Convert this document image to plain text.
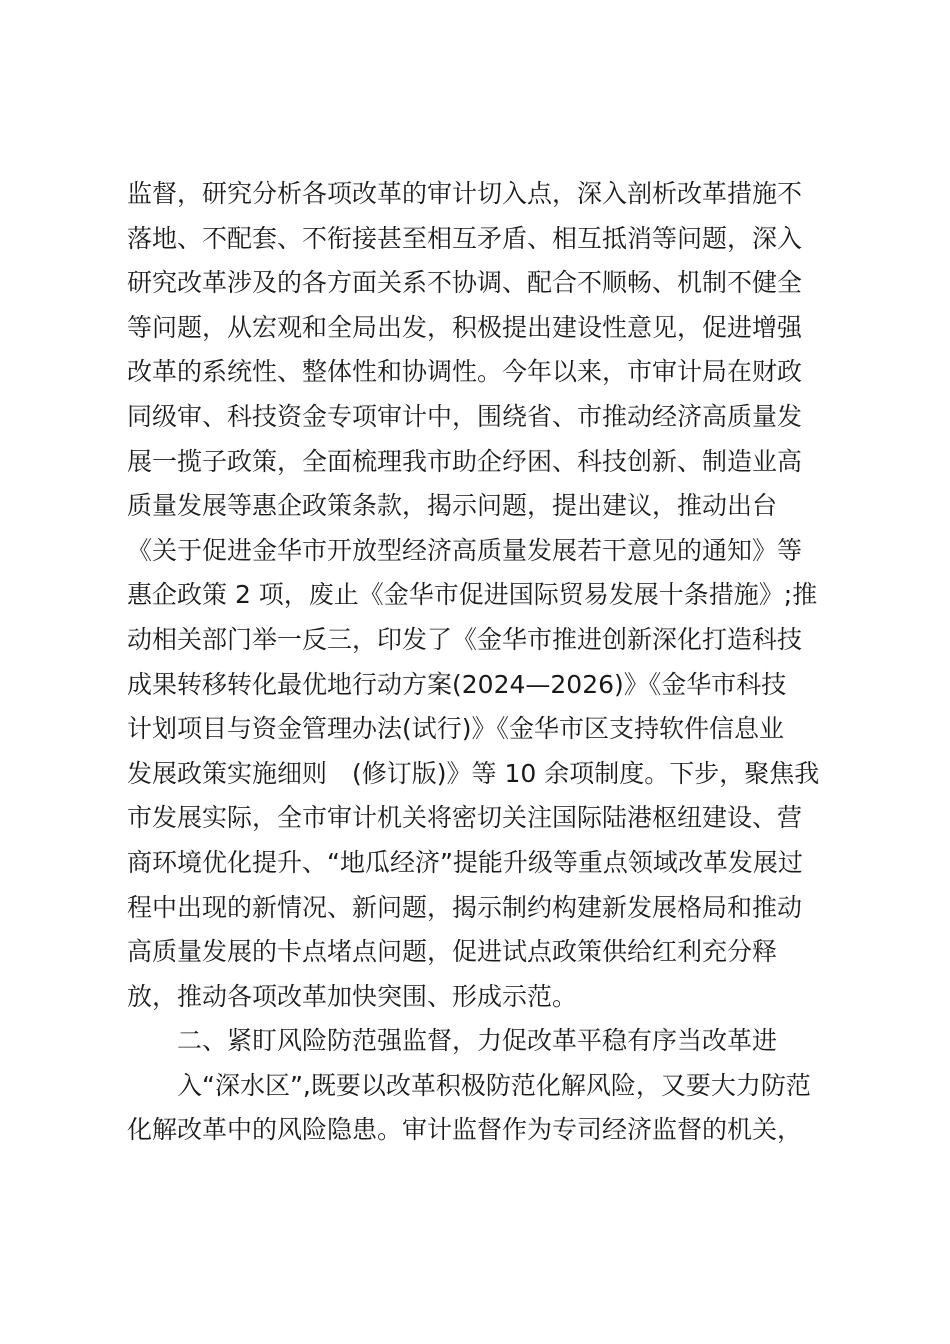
监督，研究分析各项改革的审计切入点，深入剖析改革措施不
落地、不配套、不衔接甚至相互矛盾、相互抵消等问题，深入
研究改革涉及的各方面关系不协调、配合不顺畅、机制不健全
等问题，从宏观和全局出发，积极提出建设性意见，促进增强
改革的系统性、整体性和协调性。今年以来，市审计局在财政
同级审、科技资金专项审计中，围绕省、市推动经济高质量发
展一揽子政策，全面梳理我市助企纾困、科技创新、制造业高
质量发展等惠企政策条款，揭示问题，提出建议，推动出台
《关于促进金华市开放型经济高质量发展若干意见的通知》等
惠企政策 2 项，废止《金华市促进国际贸易发展十条措施》;推
动相关部门举一反三，印发了《金华市推进创新深化打造科技
成果转移转化最优地行动方案(2024—2026)》《金华市科技
计划项目与资金管理办法(试行)》《金华市区支持软件信息业
发展政策实施细则　(修订版)》等 10 余项制度。下步，聚焦我
市发展实际，全市审计机关将密切关注国际陆港枢纽建设、营
商环境优化提升、“地瓜经济”提能升级等重点领域改革发展过
程中出现的新情况、新问题，揭示制约构建新发展格局和推动
高质量发展的卡点堵点问题，促进试点政策供给红利充分释
放，推动各项改革加快突围、形成示范。
二、紧盯风险防范强监督，力促改革平稳有序当改革进
入“深水区”,既要以改革积极防范化解风险，又要大力防范
化解改革中的风险隐患。审计监督作为专司经济监督的机关，
